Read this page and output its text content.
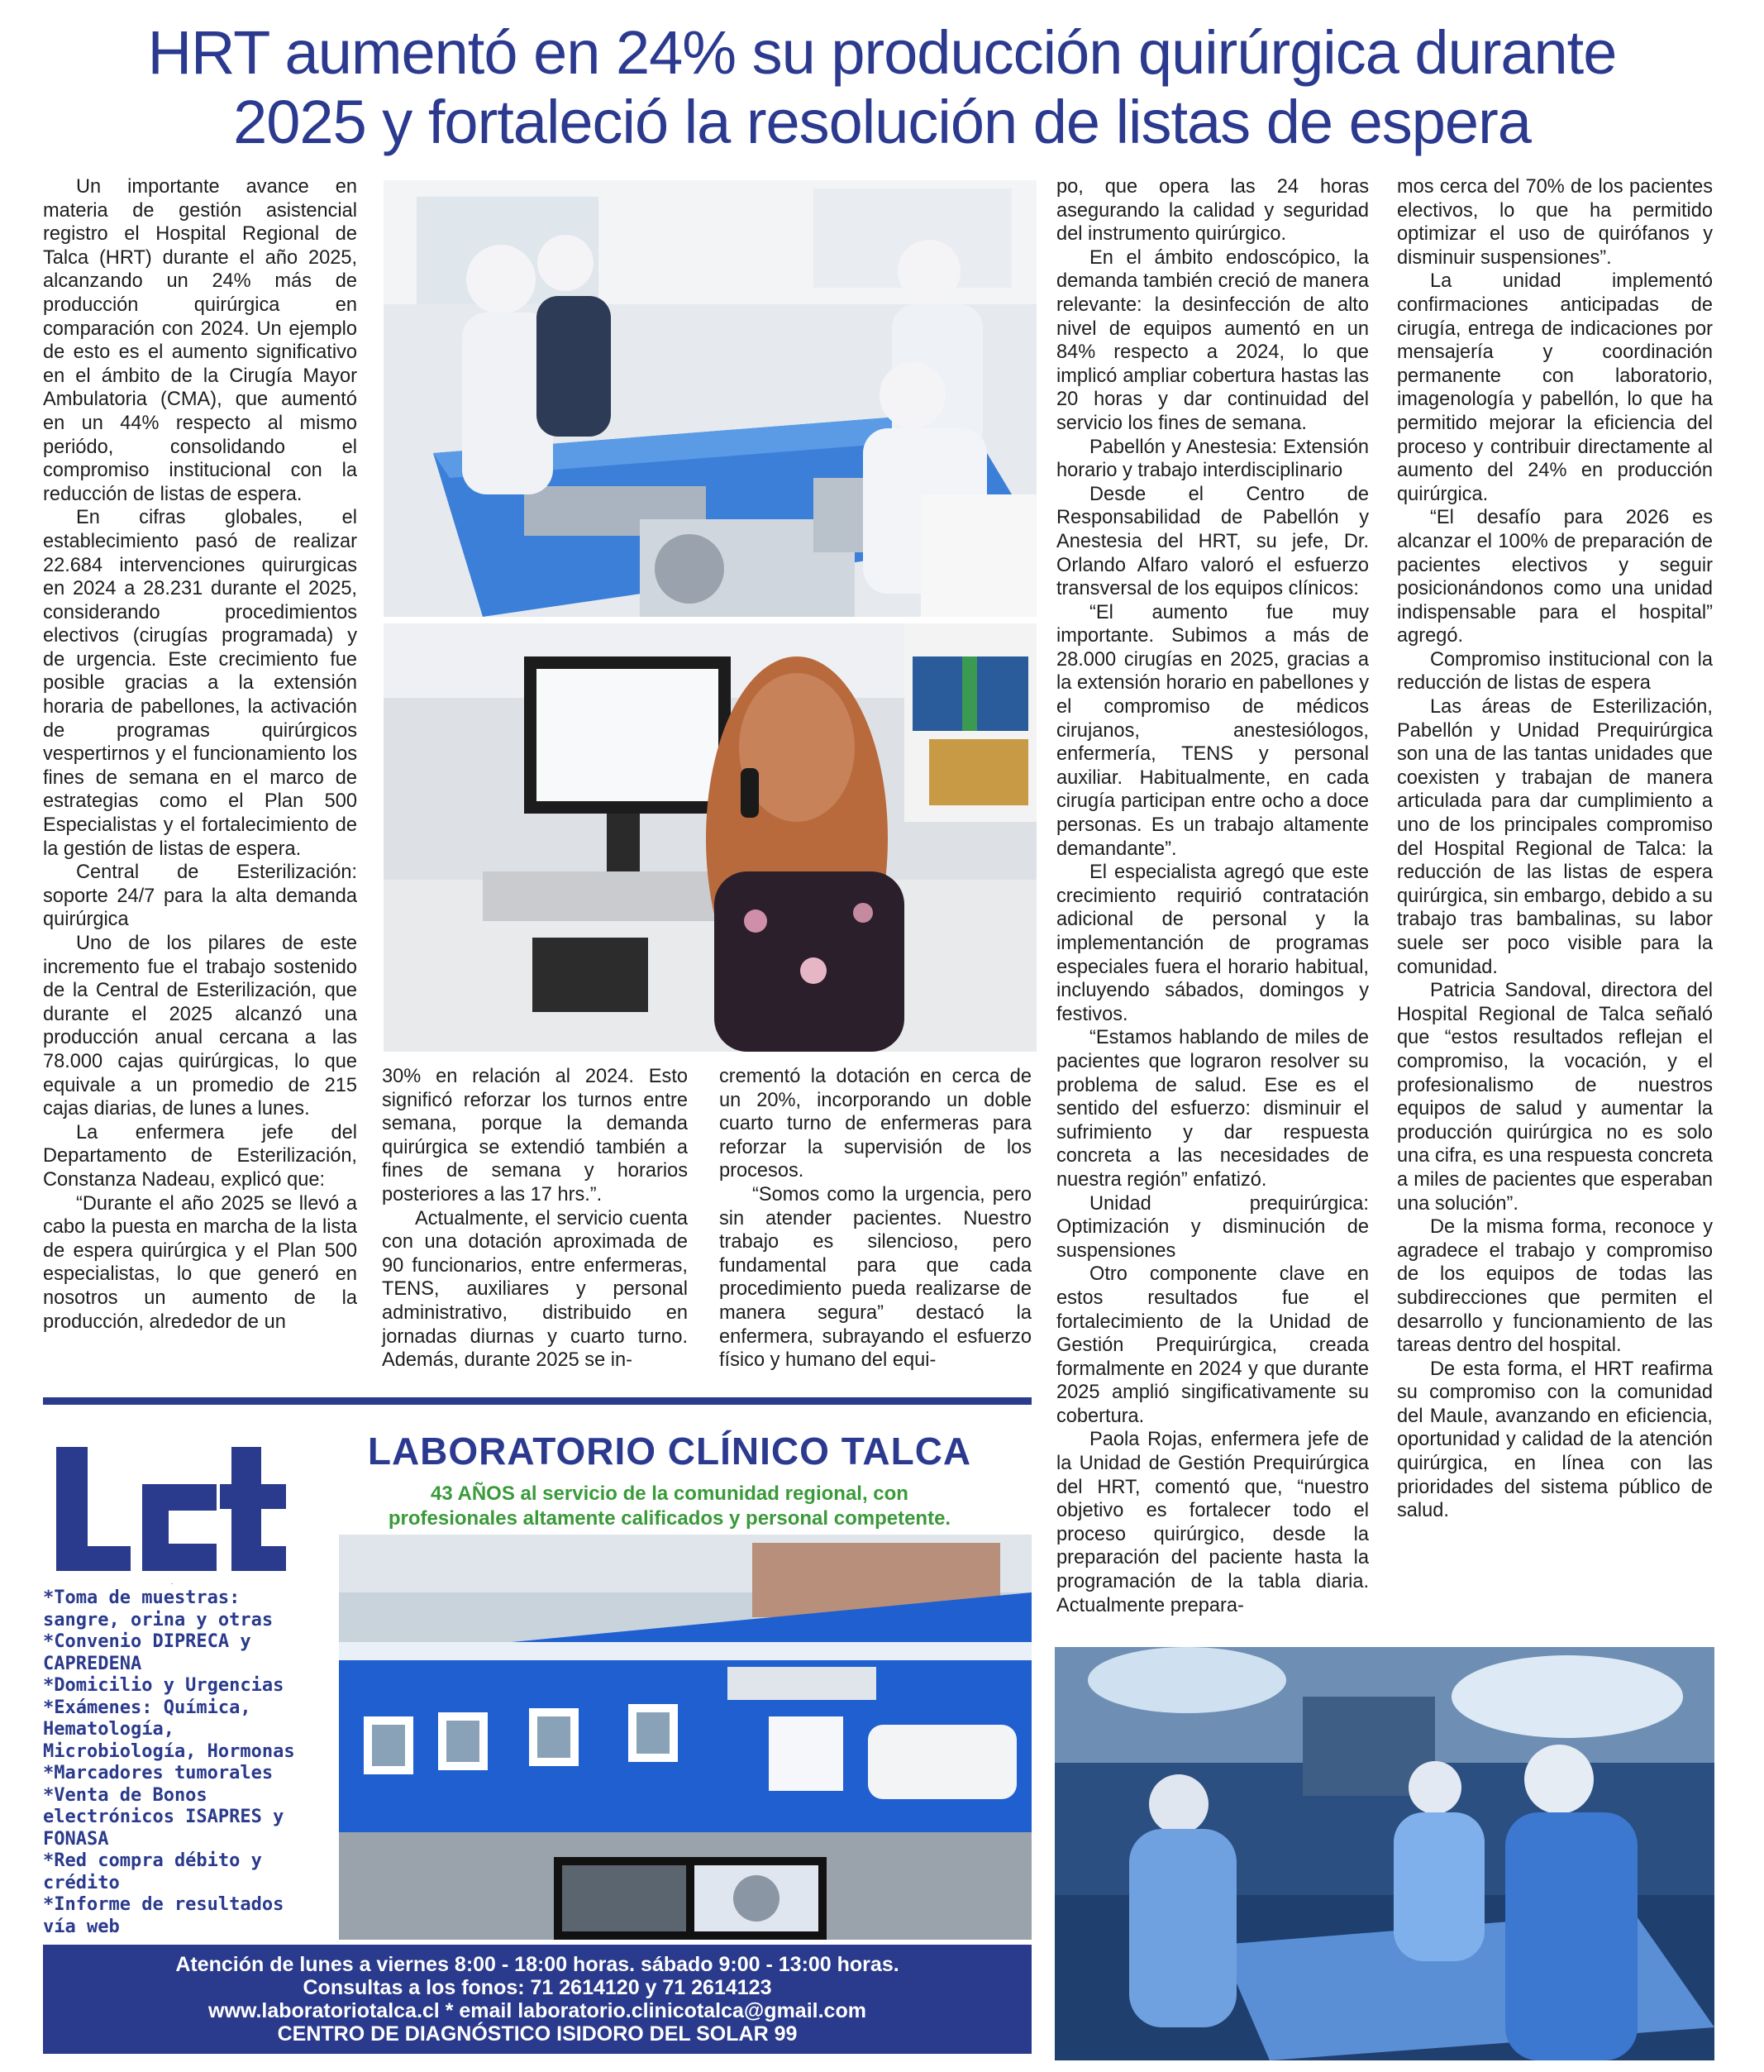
HRT aumentó en 24% su producción quirúrgica durante
2025 y fortaleció la resolución de listas de espera

Un importante avance en materia de gestión asistencial registro el Hospital Regional de Talca (HRT) durante el año 2025, alcanzando un 24% más de producción quirúrgica en comparación con 2024. Un ejemplo de esto es el aumento significativo en el ámbito de la Cirugía Mayor Ambulatoria (CMA), que aumentó en un 44% respecto al mismo periódo, consolidando el compromiso institucional con la reducción de listas de espera.

En cifras globales, el establecimiento pasó de realizar 22.684 intervenciones quirurgicas en 2024 a 28.231 durante el 2025, considerando procedimientos electivos (cirugías programada) y de urgencia. Este crecimiento fue posible gracias a la extensión horaria de pabellones, la activación de programas quirúrgicos vespertirnos y el funcionamiento los fines de semana en el marco de estrategias como el Plan 500 Especialistas y el fortalecimiento de la gestión de listas de espera.

Central de Esterilización: soporte 24/7 para la alta demanda quirúrgica

Uno de los pilares de este incremento fue el trabajo sostenido de la Central de Esterilización, que durante el 2025 alcanzó una producción anual cercana a las 78.000 cajas quirúrgicas, lo que equivale a un promedio de 215 cajas diarias, de lunes a lunes.

La enfermera jefe del Departamento de Esterilización, Constanza Nadeau, explicó que:

“Durante el año 2025 se llevó a cabo la puesta en marcha de la lista de espera quirúrgica y el Plan 500 especialistas, lo que generó en nosotros un aumento de la producción, alrededor de un

30% en relación al 2024. Esto significó reforzar los turnos entre semana, porque la demanda quirúrgica se extendió también a fines de semana y horarios posteriores a las 17 hrs.”.

Actualmente, el servicio cuenta con una dotación aproximada de 90 funcionarios, entre enfermeras, TENS, auxiliares y personal administrativo, distribuido en jornadas diurnas y cuarto turno. Además, durante 2025 se in-

crementó la dotación en cerca de un 20%, incorporando un doble cuarto turno de enfermeras para reforzar la supervisión de los procesos.

“Somos como la urgencia, pero sin atender pacientes. Nuestro trabajo es silencioso, pero fundamental para que cada procedimiento pueda realizarse de manera segura” destacó la enfermera, subrayando el esfuerzo físico y humano del equi-

po, que opera las 24 horas asegurando la calidad y seguridad del instrumento quirúrgico.

En el ámbito endoscópico, la demanda también creció de manera relevante: la desinfección de alto nivel de equipos aumentó en un 84% respecto a 2024, lo que implicó ampliar cobertura hastas las 20 horas y dar continuidad del servicio los fines de semana.

Pabellón y Anestesia: Extensión horario y trabajo interdisciplinario

Desde el Centro de Responsabilidad de Pabellón y Anestesia del HRT, su jefe, Dr. Orlando Alfaro valoró el esfuerzo transversal de los equipos clínicos:

“El aumento fue muy importante. Subimos a más de 28.000 cirugías en 2025, gracias a la extensión horario en pabellones y el compromiso de médicos cirujanos, anestesiólogos, enfermería, TENS y personal auxiliar. Habitualmente, en cada cirugía participan entre ocho a doce personas. Es un trabajo altamente demandante”.

El especialista agregó que este crecimiento requirió contratación adicional de personal y la implementanción de programas especiales fuera el horario habitual, incluyendo sábados, domingos y festivos.

“Estamos hablando de miles de pacientes que lograron resolver su problema de salud. Ese es el sentido del esfuerzo: disminuir el sufrimiento y dar respuesta concreta a las necesidades de nuestra región” enfatizó.

Unidad prequirúrgica: Optimización y disminución de suspensiones

Otro componente clave en estos resultados fue el fortalecimiento de la Unidad de Gestión Prequirúrgica, creada formalmente en 2024 y que durante 2025 amplió singificativamente su cobertura.

Paola Rojas, enfermera jefe de la Unidad de Gestión Prequirúrgica del HRT, comentó que, “nuestro objetivo es fortalecer todo el proceso quirúrgico, desde la preparación del paciente hasta la programación de la tabla diaria. Actualmente prepara-

mos cerca del 70% de los pacientes electivos, lo que ha permitido optimizar el uso de quirófanos y disminuir suspensiones”.

La unidad implementó confirmaciones anticipadas de cirugía, entrega de indicaciones por mensajería y coordinación permanente con laboratorio, imagenología y pabellón, lo que ha permitido mejorar la eficiencia del proceso y contribuir directamente al aumento del 24% en producción quirúrgica.

“El desafío para 2026 es alcanzar el 100% de preparación de pacientes electivos y seguir posicionándonos como una unidad indispensable para el hospital” agregó.

Compromiso institucional con la reducción de listas de espera

Las áreas de Esterilización, Pabellón y Unidad Prequirúrgica son una de las tantas unidades que coexisten y trabajan de manera articulada para dar cumplimiento a uno de los principales compromiso del Hospital Regional de Talca: la reducción de las listas de espera quirúrgica, sin embargo, debido a su trabajo tras bambalinas, su labor suele ser poco visible para la comunidad.

Patricia Sandoval, directora del Hospital Regional de Talca señaló que “estos resultados reflejan el compromiso, la vocación, y el profesionalismo de nuestros equipos de salud y aumentar la producción quirúrgica no es solo una cifra, es una respuesta concreta a miles de pacientes que esperaban una solución”.

De la misma forma, reconoce y agradece el trabajo y compromiso de los equipos de todas las subdirecciones que permiten el desarrollo y funcionamiento de las tareas dentro del hospital.

De esta forma, el HRT reafirma su compromiso con la comunidad del Maule, avanzando en eficiencia, oportunidad y calidad de la atención quirúrgica, en línea con las prioridades del sistema público de salud.

lct
LABORATORIO CLÍNICO TALCA
43 AÑOS al servicio de la comunidad regional, con
profesionales altamente calificados y personal competente.
*Toma de muestras:
sangre, orina y otras
*Convenio DIPRECA y
CAPREDENA
*Domicilio y Urgencias
*Exámenes: Química,
Hematología,
Microbiología, Hormonas
*Marcadores tumorales
*Venta de Bonos
electrónicos ISAPRES y
FONASA
*Red compra débito y
crédito
*Informe de resultados
vía web
Atención de lunes a viernes 8:00 - 18:00 horas. sábado 9:00 - 13:00 horas.
Consultas a los fonos: 71 2614120 y 71 2614123
www.laboratoriotalca.cl * email laboratorio.clinicotalca@gmail.com
CENTRO DE DIAGNÓSTICO ISIDORO DEL SOLAR 99
